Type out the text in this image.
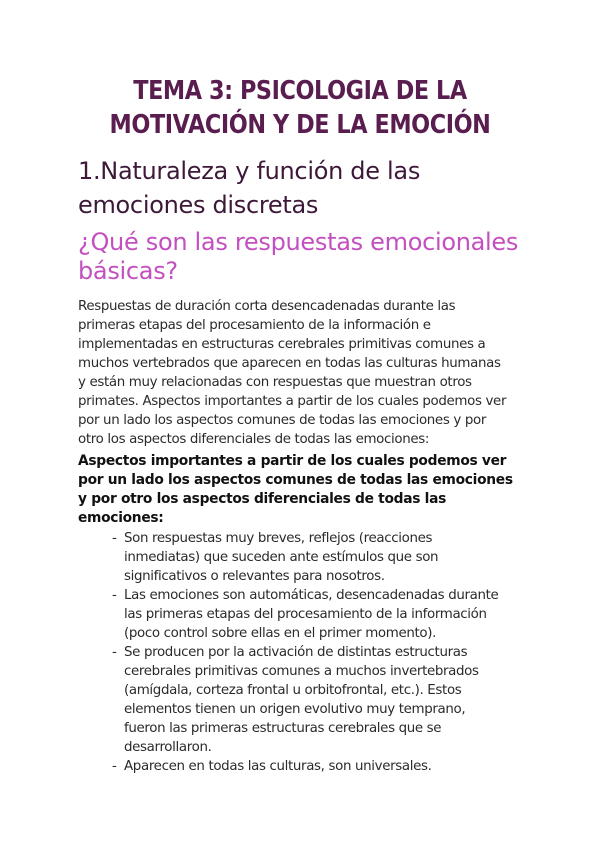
TEMA 3: PSICOLOGIA DE LA
MOTIVACIÓN Y DE LA EMOCIÓN
1.Naturaleza y función de las
emociones discretas
¿Qué son las respuestas emocionales
básicas?
Respuestas de duración corta desencadenadas durante las
primeras etapas del procesamiento de la información e
implementadas en estructuras cerebrales primitivas comunes a
muchos vertebrados que aparecen en todas las culturas humanas
y están muy relacionadas con respuestas que muestran otros
primates. Aspectos importantes a partir de los cuales podemos ver
por un lado los aspectos comunes de todas las emociones y por
otro los aspectos diferenciales de todas las emociones:
Aspectos importantes a partir de los cuales podemos ver
por un lado los aspectos comunes de todas las emociones
y por otro los aspectos diferenciales de todas las
emociones:
- Son respuestas muy breves, reflejos (reacciones
inmediatas) que suceden ante estímulos que son
significativos o relevantes para nosotros.
- Las emociones son automáticas, desencadenadas durante
las primeras etapas del procesamiento de la información
(poco control sobre ellas en el primer momento).
- Se producen por la activación de distintas estructuras
cerebrales primitivas comunes a muchos invertebrados
(amígdala, corteza frontal u orbitofrontal, etc.). Estos
elementos tienen un origen evolutivo muy temprano,
fueron las primeras estructuras cerebrales que se
desarrollaron.
- Aparecen en todas las culturas, son universales.
